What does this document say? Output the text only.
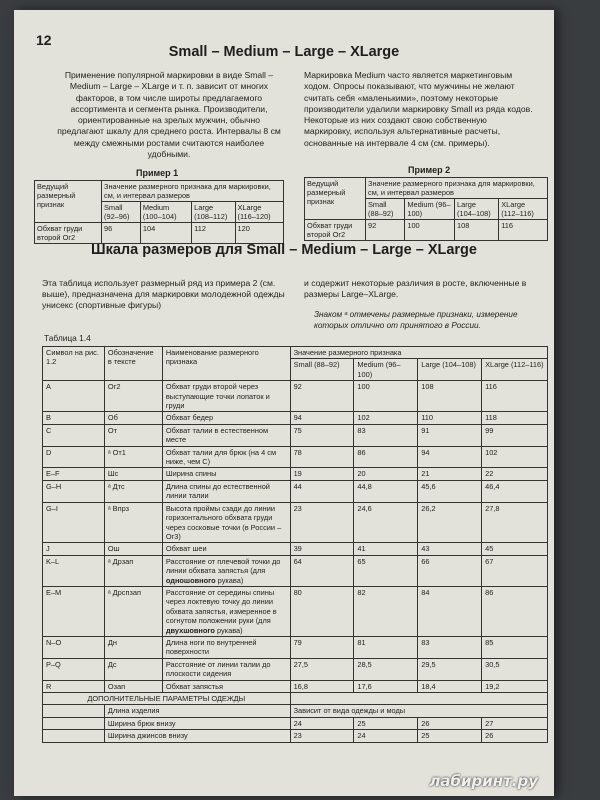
12
Small – Medium – Large – XLarge
Применение популярной маркировки в виде Small – Medium – Large – XLarge и т. п. зависит от многих факторов, в том числе широты предлагаемого ассортимента и сегмента рынка. Производители, ориентированные на зрелых мужчин, обычно предлагают шкалу для среднего роста. Интервалы 8 см между смежными ростами считаются наиболее удобными.
Маркировка Medium часто является маркетинговым ходом. Опросы показывают, что мужчины не желают считать себя «маленькими», поэтому некоторые производители удалили маркировку Small из ряда кодов. Некоторые из них создают свою собственную маркировку, используя альтернативные расчеты, основанные на интервале 4 см (см. примеры).
Пример 1
Ведущий размерный признак	Значение размерного признака для маркировки, см, и интервал размеров			
	Small (92–96)	Medium (100–104)	Large (108–112)	XLarge (116–120)
Обхват груди второй Ог2	96	104	112	120
Пример 2
Ведущий размерный признак	Значение размерного признака для маркировки, см, и интервал размеров			
	Small (88–92)	Medium (96–100)	Large (104–108)	XLarge (112–116)
Обхват груди второй Ог2	92	100	108	116
Шкала размеров для Small – Medium – Large – XLarge
Эта таблица использует размерный ряд из примера 2 (см. выше), предназначена для маркировки молодежной одежды унисекс (спортивные фигуры)
и содержит некоторые различия в росте, включенные в размеры Large–XLarge.
Знаком ᵃ отмечены размерные признаки, измерение которых отлично от принятого в России.
Таблица 1.4
Символ на рис. 1.2	Обозначение в тексте	Наименование размерного признака	Значение размерного признака			
			Small (88–92)	Medium (96–100)	Large (104–108)	XLarge (112–116)
A	Ог2	Обхват груди второй через выступающие точки лопаток и груди	92	100	108	116
B	Об	Обхват бедер	94	102	110	118
C	От	Обхват талии в естественном месте	75	83	91	99
D	ᵃ От1	Обхват талии для брюк (на 4 см ниже, чем С)	78	86	94	102
E–F	Шс	Ширина спины	19	20	21	22
G–H	ᵃ Дтс	Длина спины до естественной линии талии	44	44,8	45,6	46,4
G–I	ᵃ Впрз	Высота проймы сзади до линии горизонтального обхвата груди через сосковые точки (в России – Ог3)	23	24,6	26,2	27,8
J	Ош	Обхват шеи	39	41	43	45
K–L	ᵃ Дрзап	Расстояние от плечевой точки до линии обхвата запястья (для одношовного рукава)	64	65	66	67
E–M	ᵃ Дрспзап	Расстояние от середины спины через локтевую точку до линии обхвата запястья, измеренное в согнутом положении руки (для двухшовного рукава)	80	82	84	86
N–O	Дн	Длина ноги по внутренней поверхности	79	81	83	85
P–Q	Дс	Расстояние от линии талии до плоскости сидения	27,5	28,5	29,5	30,5
R	Озап	Обхват запястья	16,8	17,6	18,4	19,2
ДОПОЛНИТЕЛЬНЫЕ ПАРАМЕТРЫ ОДЕЖДЫ						
	Длина изделия		Зависит от вида одежды и моды			
	Ширина брюк внизу		24	25	26	27
	Ширина джинсов внизу		23	24	25	26
лабиринт.ру
